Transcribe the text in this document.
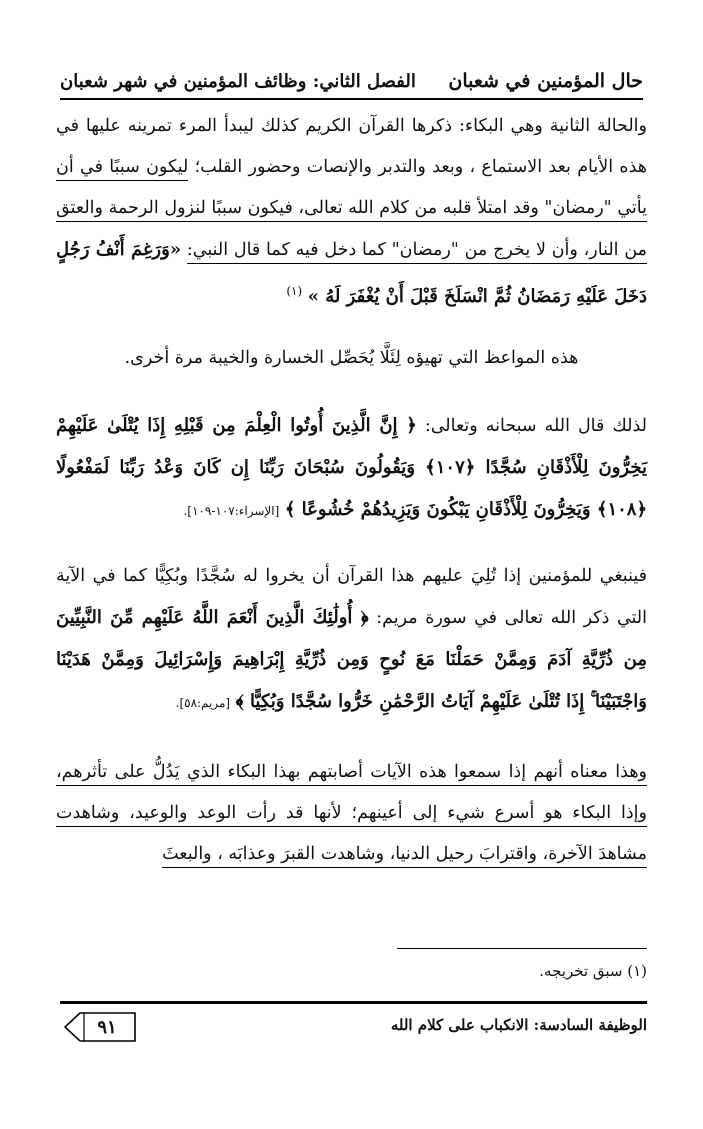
حال المؤمنين في شعبان
الفصل الثاني: وظائف المؤمنين في شهر شعبان

والحالة الثانية وهي البكاء: ذكرها القرآن الكريم كذلك ليبدأ المرء تمرينه عليها في هذه الأيام بعد الاستماع ، وبعد والتدبر والإنصات وحضور القلب؛ ليكون سببًا في أن يأتي "رمضان" وقد امتلأ قلبه من كلام الله تعالى، فيكون سببًا لنزول الرحمة والعتق من النار، وأن لا يخرج من "رمضان" كما دخل فيه كما قال النبي: «وَرَغِمَ أَنْفُ رَجُلٍ دَخَلَ عَلَيْهِ رَمَضَانُ ثُمَّ انْسَلَخَ قَبْلَ أَنْ يُغْفَرَ لَهُ » $^{(١)}$

هذه المواعظ التي تهيؤه لِئَلَّا يُحَصِّل الخسارة والخيبة مرة أخرى.

لذلك قال الله سبحانه وتعالى: ﴿ إِنَّ الَّذِينَ أُوتُوا الْعِلْمَ مِن قَبْلِهِ إِذَا يُتْلَىٰ عَلَيْهِمْ يَخِرُّونَ لِلْأَذْقَانِ سُجَّدًا ﴿١٠٧﴾ وَيَقُولُونَ سُبْحَانَ رَبِّنَا إِن كَانَ وَعْدُ رَبِّنَا لَمَفْعُولًا ﴿١٠٨﴾ وَيَخِرُّونَ لِلْأَذْقَانِ يَبْكُونَ وَيَزِيدُهُمْ خُشُوعًا ﴾ [الإسراء:١٠٧-١٠٩].

فينبغي للمؤمنين إذا تُلِيَ عليهم هذا القرآن أن يخروا له سُجَّدًا وبُكِيًّا كما في الآية التي ذكر الله تعالى في سورة مريم: ﴿ أُولَٰئِكَ الَّذِينَ أَنْعَمَ اللَّهُ عَلَيْهِم مِّنَ النَّبِيِّينَ مِن ذُرِّيَّةِ آدَمَ وَمِمَّنْ حَمَلْنَا مَعَ نُوحٍ وَمِن ذُرِّيَّةِ إِبْرَاهِيمَ وَإِسْرَائِيلَ وَمِمَّنْ هَدَيْنَا وَاجْتَبَيْنَا ۚ إِذَا تُتْلَىٰ عَلَيْهِمْ آيَاتُ الرَّحْمَٰنِ خَرُّوا سُجَّدًا وَبُكِيًّا ﴾ [مريم:٥٨].

وهذا معناه أنهم إذا سمعوا هذه الآيات أصابتهم بهذا البكاء الذي يَدُلُّ على تأثرهم، وإذا البكاء هو أسرع شيء إلى أعينهم؛ لأنها قد رأت الوعد والوعيد، وشاهدت مشاهدَ الآخرة، واقترابَ رحيل الدنيا، وشاهدت القبرَ وعذابَه ، والبعثَ

(١) سبق تخريجه.
٩١	الوظيفة السادسة: الانكباب على كلام الله
